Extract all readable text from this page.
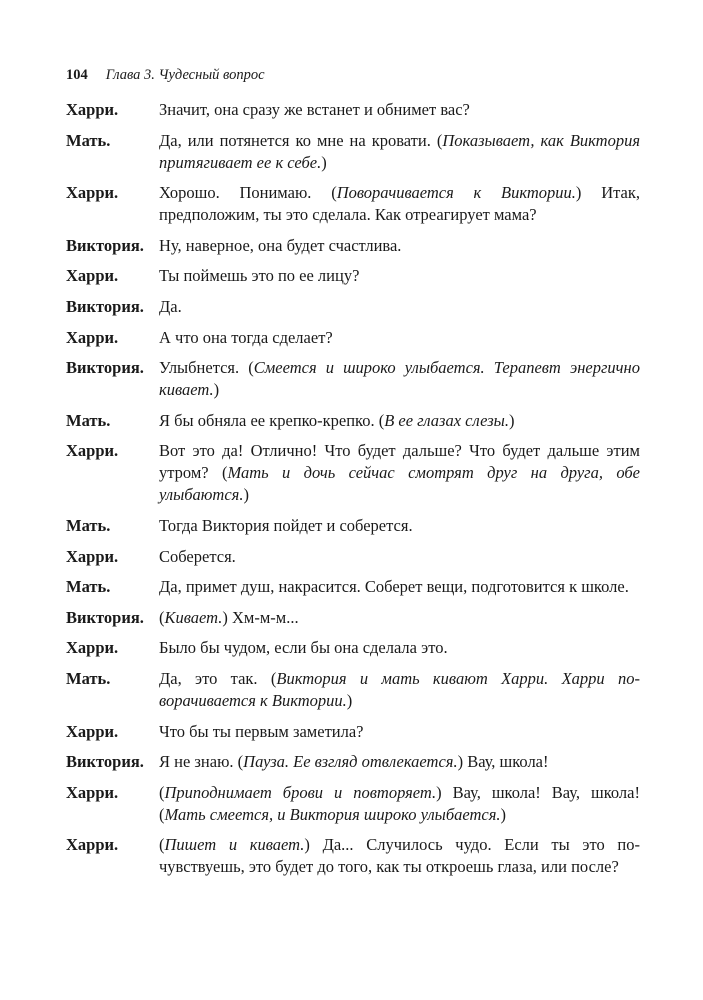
104 Глава 3. Чудесный вопрос
Харри.	Значит, она сразу же встанет и обнимет вас?
Мать.	Да, или потянется ко мне на кровати. (Показывает, как Виктория притягивает ее к себе.)
Харри.	Хорошо. Понимаю. (Поворачивается к Виктории.) Итак, предположим, ты это сделала. Как отреагирует мама?
Виктория. Ну, наверное, она будет счастлива.
Харри.	Ты поймешь это по ее лицу?
Виктория. Да.
Харри.	А что она тогда сделает?
Виктория. Улыбнется. (Смеется и широко улыбается. Терапевт энергично кивает.)
Мать.	Я бы обняла ее крепко-крепко. (В ее глазах слезы.)
Харри.	Вот это да! Отлично! Что будет дальше? Что будет дальше этим утром? (Мать и дочь сейчас смотрят друг на друга, обе улыбаются.)
Мать.	Тогда Виктория пойдет и соберется.
Харри.	Соберется.
Мать.	Да, примет душ, накрасится. Соберет вещи, подготовится к школе.
Виктория. (Кивает.) Хм-м-м...
Харри.	Было бы чудом, если бы она сделала это.
Мать.	Да, это так. (Виктория и мать кивают Харри. Харри поворачивается к Виктории.)
Харри.	Что бы ты первым заметила?
Виктория. Я не знаю. (Пауза. Ее взгляд отвлекается.) Вау, школа!
Харри.	(Приподнимает брови и повторяет.) Вау, школа! Вау, школа! (Мать смеется, и Виктория широко улыбается.)
Харри.	(Пишет и кивает.) Да... Случилось чудо. Если ты это почувствуешь, это будет до того, как ты откроешь глаза, или после?
